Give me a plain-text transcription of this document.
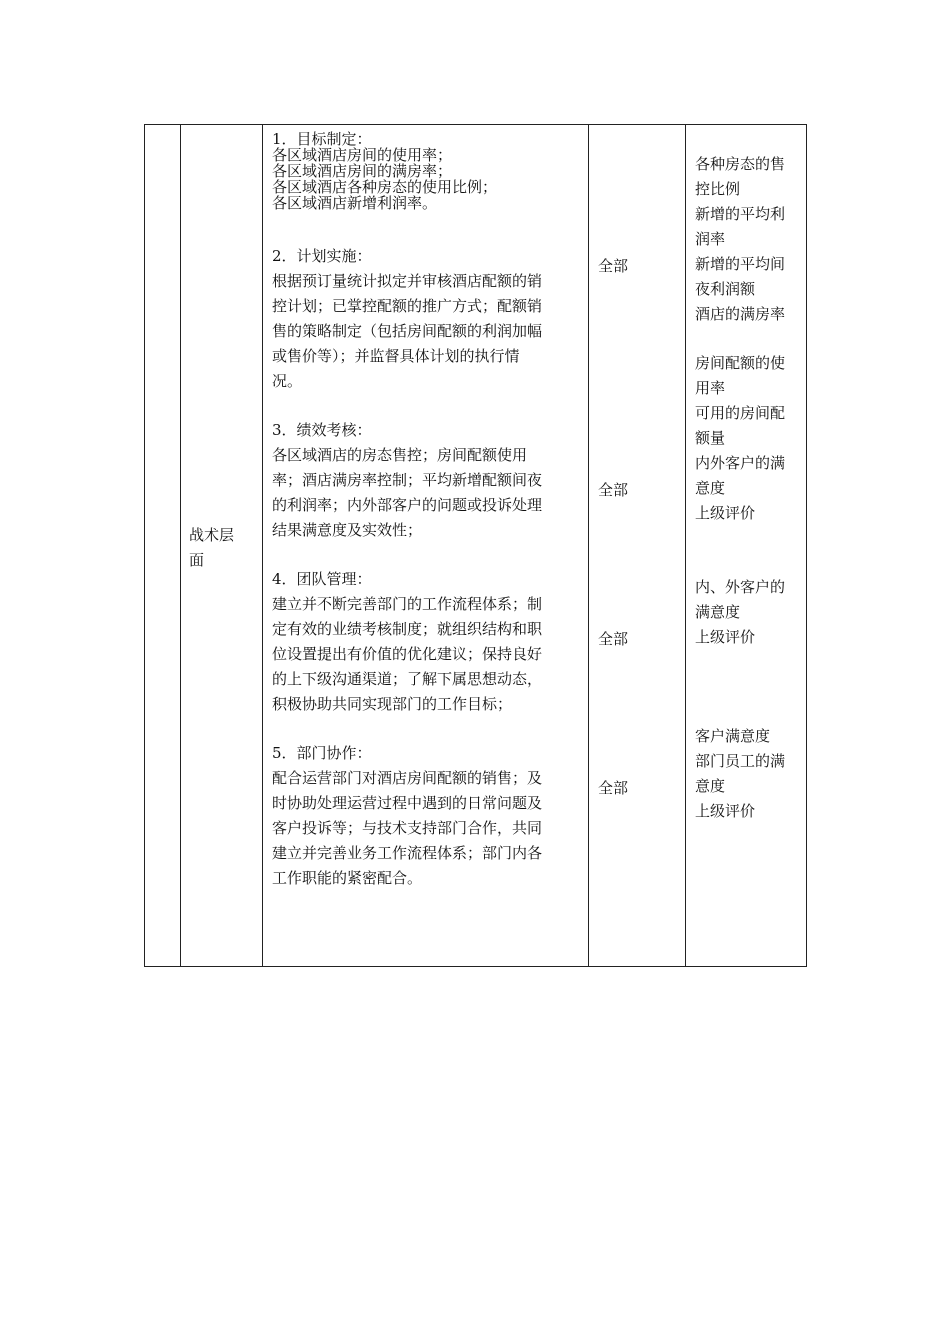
战术层
面
1．目标制定：
各区域酒店房间的使用率；
各区域酒店房间的满房率；
各区域酒店各种房态的使用比例；
各区域酒店新增利润率。
2．计划实施：
根据预订量统计拟定并审核酒店配额的销
控计划；已掌控配额的推广方式；配额销
售的策略制定（包括房间配额的利润加幅
或售价等）；并监督具体计划的执行情
况。
3．绩效考核：
各区域酒店的房态售控；房间配额使用
率；酒店满房率控制；平均新增配额间夜
的利润率；内外部客户的问题或投诉处理
结果满意度及实效性；
4．团队管理：
建立并不断完善部门的工作流程体系；制
定有效的业绩考核制度；就组织结构和职
位设置提出有价值的优化建议；保持良好
的上下级沟通渠道；了解下属思想动态，
积极协助共同实现部门的工作目标；
5．部门协作：
配合运营部门对酒店房间配额的销售；及
时协助处理运营过程中遇到的日常问题及
客户投诉等；与技术支持部门合作，共同
建立并完善业务工作流程体系；部门内各
工作职能的紧密配合。
全部
全部
全部
全部
各种房态的售
控比例
新增的平均利
润率
新增的平均间
夜利润额
酒店的满房率
房间配额的使
用率
可用的房间配
额量
内外客户的满
意度
上级评价
内、外客户的
满意度
上级评价
客户满意度
部门员工的满
意度
上级评价
